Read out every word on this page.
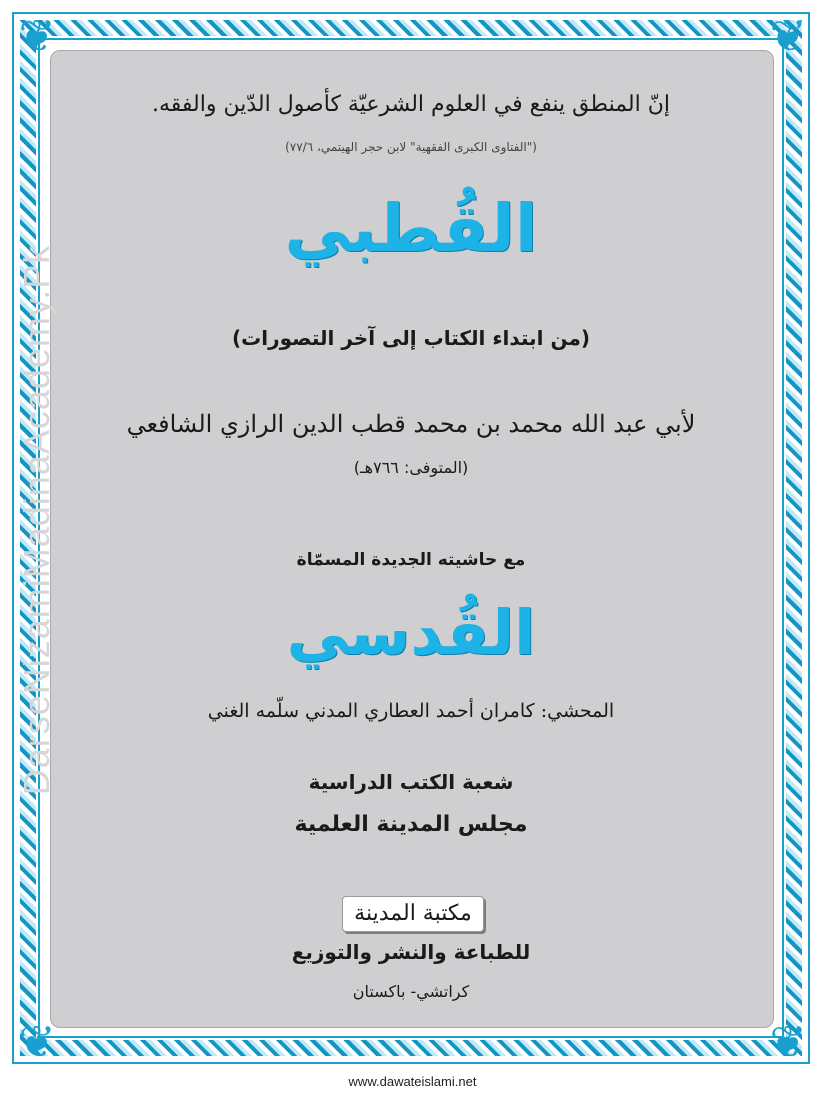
❦	❦
❦	❦
DarseNizamiMadinaAcademy.Pk
إنّ المنطق ينفع في العلوم الشرعيّة كأصول الدّين والفقه.
("الفتاوى الكبرى الفقهية" لابن حجر الهيتمي، ٧٧/٦)
القُطبي
(من ابتداء الكتاب إلى آخر التصورات)
لأبي عبد الله محمد بن محمد قطب الدين الرازي الشافعي
(المتوفى: ٧٦٦هـ)
مع حاشيته الجديدة المسمّاة
القُدسي
المحشي: كامران أحمد العطاري المدني سلّمه الغني
شعبة الكتب الدراسية
مجلس المدينة العلمية
مكتبة المدينة
للطباعة والنشر والتوزيع
كراتشي- باكستان
www.dawateislami.net
